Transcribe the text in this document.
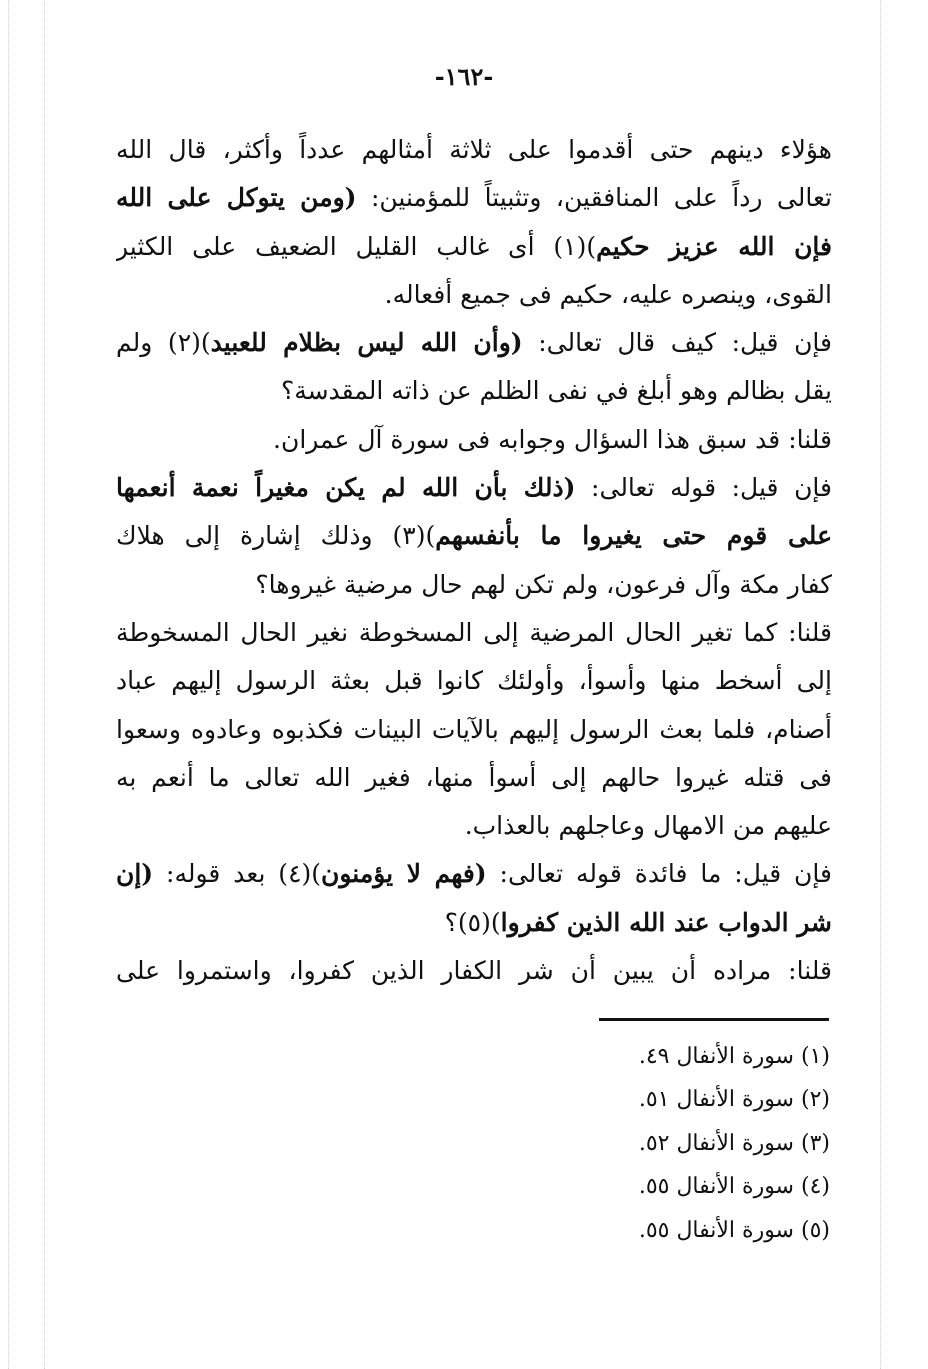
-١٦٢-
هؤلاء دينهم حتى أقدموا على ثلاثة أمثالهم عدداً وأكثر، قال الله
تعالى رداً على المنافقين، وتثبيتاً للمؤمنين: (ومن يتوكل على الله
فإن الله عزيز حكيم)(١) أى غالب القليل الضعيف على الكثير
القوى، وينصره عليه، حكيم فى جميع أفعاله.
فإن قيل: كيف قال تعالى: (وأن الله ليس بظلام للعبيد)(٢) ولم
يقل بظالم وهو أبلغ في نفى الظلم عن ذاته المقدسة؟
قلنا: قد سبق هذا السؤال وجوابه فى سورة آل عمران.
فإن قيل: قوله تعالى: (ذلك بأن الله لم يكن مغيراً نعمة أنعمها
على قوم حتى يغيروا ما بأنفسهم)(٣) وذلك إشارة إلى هلاك
كفار مكة وآل فرعون، ولم تكن لهم حال مرضية غيروها؟
قلنا: كما تغير الحال المرضية إلى المسخوطة نغير الحال المسخوطة
إلى أسخط منها وأسوأ، وأولئك كانوا قبل بعثة الرسول إليهم عباد
أصنام، فلما بعث الرسول إليهم بالآيات البينات فكذبوه وعادوه وسعوا
فى قتله غيروا حالهم إلى أسوأ منها، فغير الله تعالى ما أنعم به
عليهم من الامهال وعاجلهم بالعذاب.
فإن قيل: ما فائدة قوله تعالى: (فهم لا يؤمنون)(٤) بعد قوله: (إن
شر الدواب عند الله الذين كفروا)(٥)؟
قلنا: مراده أن يبين أن شر الكفار الذين كفروا، واستمروا على
(١) سورة الأنفال ٤٩.
(٢) سورة الأنفال ٥١.
(٣) سورة الأنفال ٥٢.
(٤) سورة الأنفال ٥٥.
(٥) سورة الأنفال ٥٥.
